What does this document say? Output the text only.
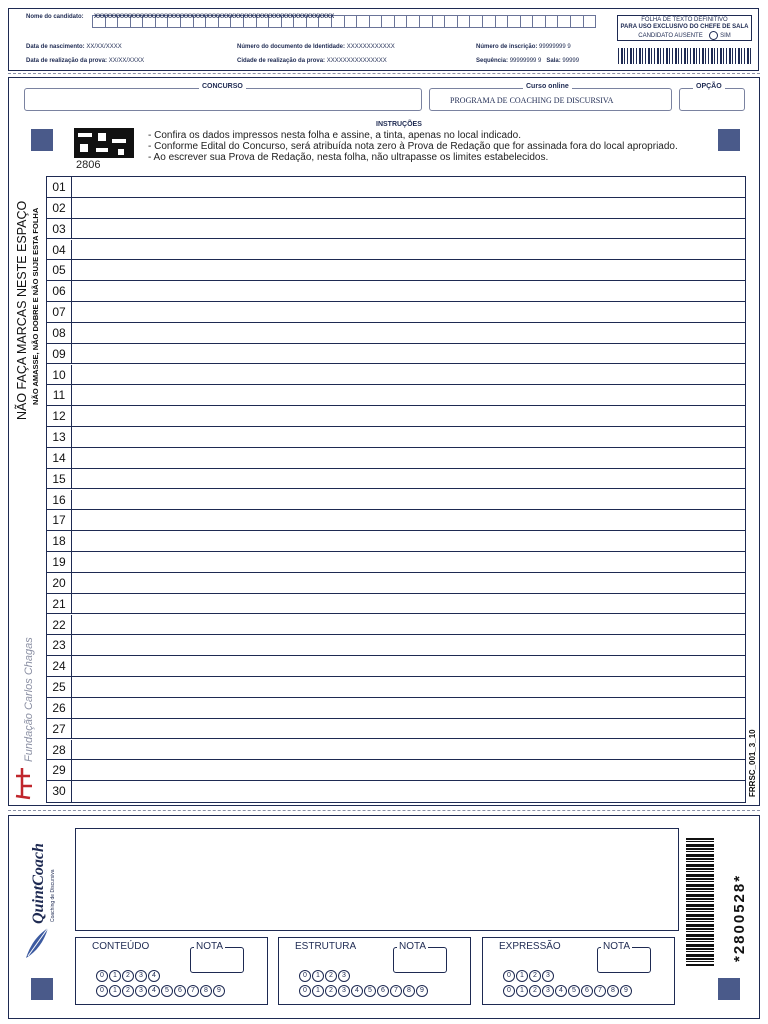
Nome do candidato: XXXXXXXXXXXXXXXXXXXXXXXXXXXXXXXXXXXXXXXXXXXXXXXXXXXXXXXXXXXX
Data de nascimento: XX/XX/XXXX	Número do documento de Identidade: XXXXXXXXXXXX	Número de inscrição: 99999999 9
Data de realização da prova: XX/XX/XXXX	Cidade de realização da prova: XXXXXXXXXXXXXXX	Sequência: 99999999 9 Sala: 99999
FOLHA DE TEXTO DEFINITIVO
PARA USO EXCLUSIVO DO CHEFE DE SALA
CANDIDATO AUSENTE	SIM
CONCURSO	Curso online
PROGRAMA DE COACHING DE DISCURSIVA
OPÇÃO
2806
INSTRUÇÕES
- Confira os dados impressos nesta folha e assine, a tinta, apenas no local indicado.
- Conforme Edital do Concurso, será atribuída nota zero à Prova de Redação que for assinada fora do local apropriado.
- Ao escrever sua Prova de Redação, nesta folha, não ultrapasse os limites estabelecidos.
NÃO FAÇA MARCAS NESTE ESPAÇO NÃO AMASSE, NÃO DOBRE E NÃO SUJE ESTA FOLHA
Fundação Carlos Chagas
FRRSC_001_3_10
01
02
03
04
05
06
07
08
09
10
11
12
13
14
15
16
17
18
19
20
21
22
23
24
25
26
27
28
29
30
QuintCoach Coaching de Discursiva	*2800528*
CONTEÚDO	NOTA
0 1 2 3 4
0 1 2 3 4 5 6 7 8 9
ESTRUTURA	NOTA
0 1 2 3
0 1 2 3 4 5 6 7 8 9
EXPRESSÃO	NOTA
0 1 2 3
0 1 2 3 4 5 6 7 8 9
